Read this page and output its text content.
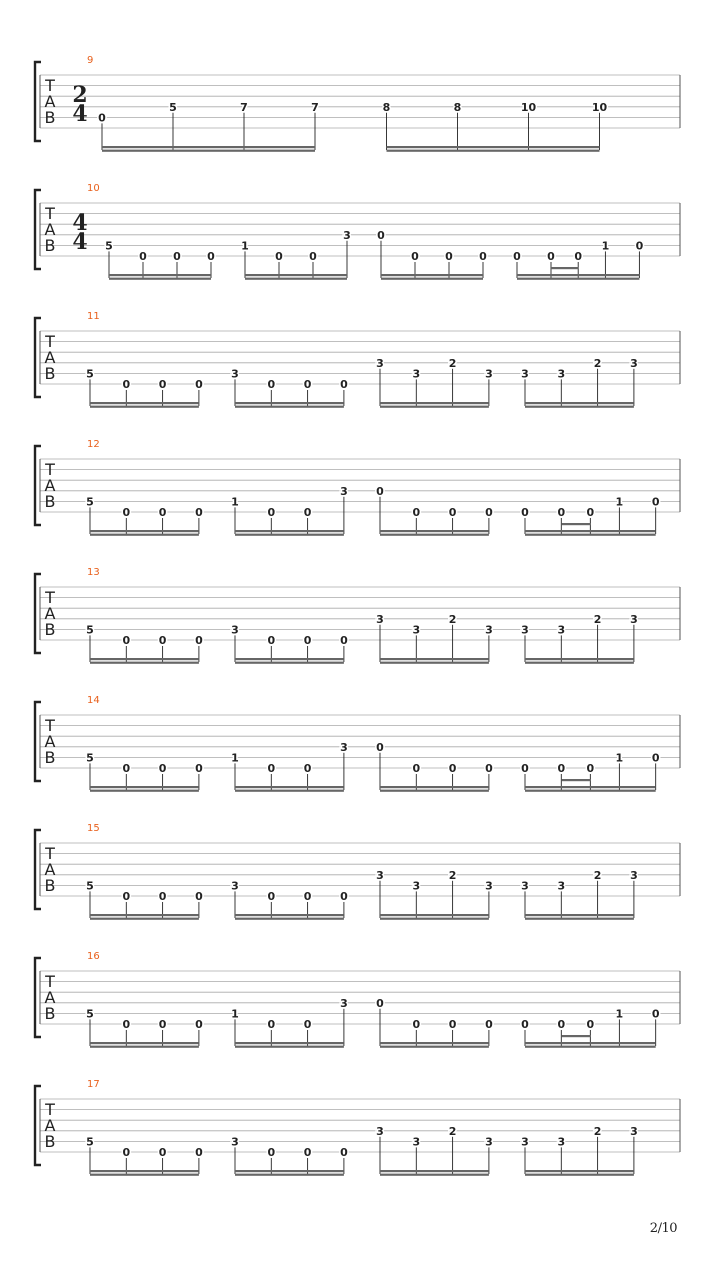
9
T
A
B
2
4 0
5	7	7	8	8	10	10
10
T
A
B
4
4 5
0 0 0
1
0 0
3 0
0 0 0 0 0 0
1 0
11
T
A
B	5
0	0	0
3
0	0	0
3
3
2
3	3	3
2	3
12
T
A
B	5
0	0	0
1
0	0
3	0
0	0	0	0	0 0
1	0
13
T
A
B	5
0	0	0
3
0	0	0
3
3
2
3	3	3
2	3
14
T
A
B	5
0	0	0
1
0	0
3	0
0	0	0	0	0 0
1	0
15
T
A
B	5
0	0	0
3
0	0	0
3
3
2
3	3	3
2	3
16
T
A
B	5
0	0	0
1
0	0
3	0
0	0	0	0	0 0
1	0
17
T
A
B	5
0	0	0
3
0	0	0
3
3
2
3	3	3
2	3
2/10
